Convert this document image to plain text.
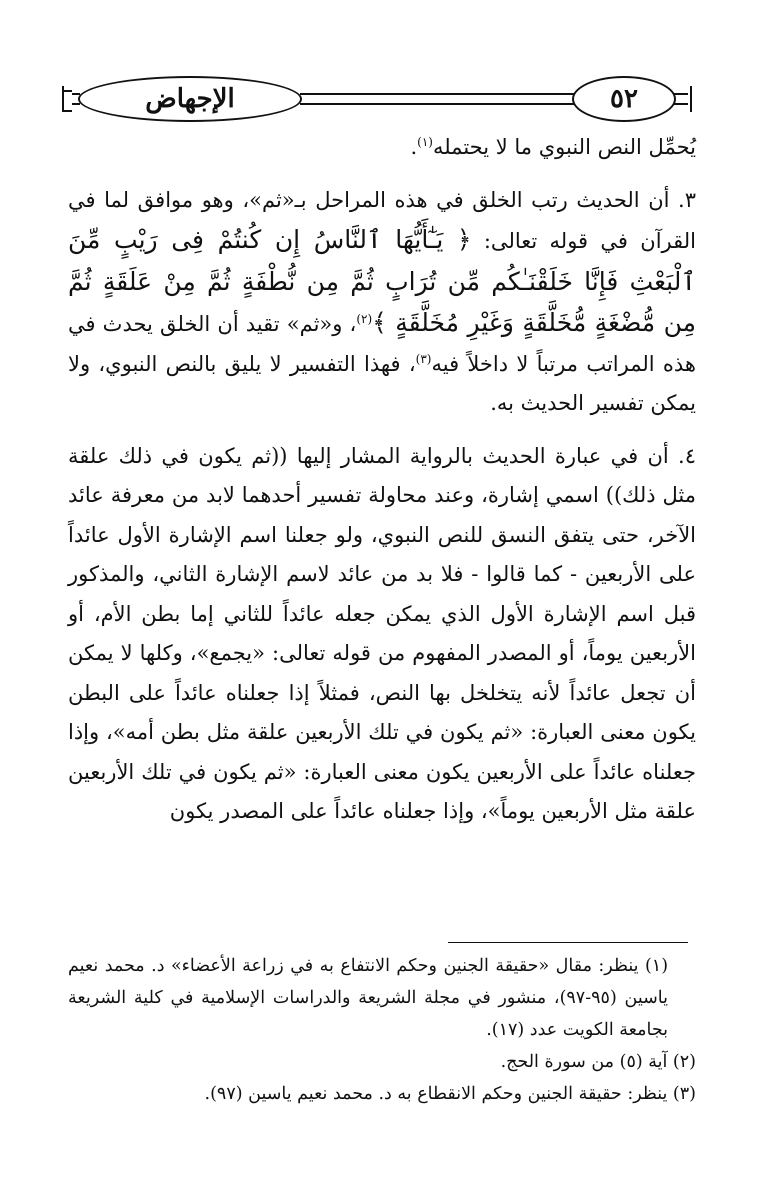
الإجهاض	٥٢

يُحمِّل النص النبوي ما لا يحتمله$^{(١)}$.

٣. أن الحديث رتب الخلق في هذه المراحل بـ«ثم»، وهو موافق لما في القرآن في قوله تعالى: ﴿ يَـٰٓأَيُّهَا ٱلنَّاسُ إِن كُنتُمْ فِى رَيْبٍ مِّنَ ٱلْبَعْثِ فَإِنَّا خَلَقْنَـٰكُم مِّن تُرَابٍ ثُمَّ مِن نُّطْفَةٍ ثُمَّ مِنْ عَلَقَةٍ ثُمَّ مِن مُّضْغَةٍ مُّخَلَّقَةٍ وَغَيْرِ مُخَلَّقَةٍ ﴾$^{(٢)}$، و«ثم» تقيد أن الخلق يحدث في هذه المراتب مرتباً لا داخلاً فيه$^{(٣)}$، فهذا التفسير لا يليق بالنص النبوي، ولا يمكن تفسير الحديث به.

٤. أن في عبارة الحديث بالرواية المشار إليها ((ثم يكون في ذلك علقة مثل ذلك)) اسمي إشارة، وعند محاولة تفسير أحدهما لابد من معرفة عائد الآخر، حتى يتفق النسق للنص النبوي، ولو جعلنا اسم الإشارة الأول عائداً على الأربعين - كما قالوا - فلا بد من عائد لاسم الإشارة الثاني، والمذكور قبل اسم الإشارة الأول الذي يمكن جعله عائداً للثاني إما بطن الأم، أو الأربعين يوماً، أو المصدر المفهوم من قوله تعالى: «يجمع»، وكلها لا يمكن أن تجعل عائداً لأنه يتخلخل بها النص، فمثلاً إذا جعلناه عائداً على البطن يكون معنى العبارة: «ثم يكون في تلك الأربعين علقة مثل بطن أمه»، وإذا جعلناه عائداً على الأربعين يكون معنى العبارة: «ثم يكون في تلك الأربعين علقة مثل الأربعين يوماً»، وإذا جعلناه عائداً على المصدر يكون

(١) ينظر: مقال «حقيقة الجنين وحكم الانتفاع به في زراعة الأعضاء» د. محمد نعيم ياسين (٩٥-٩٧)، منشور في مجلة الشريعة والدراسات الإسلامية في كلية الشريعة بجامعة الكويت عدد (١٧).

(٢) آية (٥) من سورة الحج.

(٣) ينظر: حقيقة الجنين وحكم الانقطاع به د. محمد نعيم ياسين (٩٧).
